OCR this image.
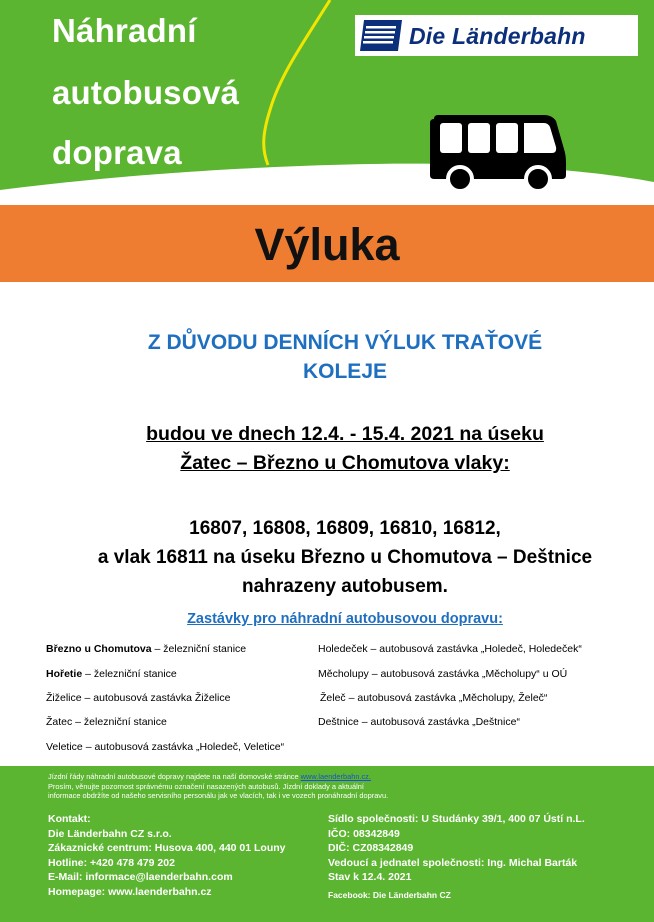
Náhradní
autobusová
doprava
Die Länderbahn
Výluka
Z DŮVODU DENNÍCH VÝLUK TRAŤOVÉ
KOLEJE
budou ve dnech 12.4. - 15.4. 2021 na úseku
Žatec – Březno u Chomutova vlaky:
16807, 16808, 16809, 16810, 16812,
a vlak 16811 na úseku Březno u Chomutova – Deštnice
nahrazeny autobusem.
Zastávky pro náhradní autobusovou dopravu:
Březno u Chomutova – železniční stanice
Hořetie – železniční stanice
Žiželice – autobusová zastávka Žiželice
Žatec – železniční stanice
Veletice – autobusová zastávka „Holedeč, Veletice“
Holedeček – autobusová zastávka „Holedeč, Holedeček“
Měcholupy – autobusová zastávka „Měcholupy“ u OÚ
Želeč – autobusová zastávka „Měcholupy, Želeč“
Deštnice – autobusová zastávka „Deštnice“
Jízdní řády náhradní autobusové dopravy najdete na naší domovské stránce www.laenderbahn.cz.
Prosím, věnujte pozornost správnému označení nasazených autobusů. Jízdní doklady a aktuální
informace obdržíte od našeho servisního personálu jak ve vlacích, tak i ve vozech pronáhradní dopravu.
Kontakt:
Die Länderbahn CZ s.r.o.
Zákaznické centrum: Husova 400, 440 01 Louny
Hotline: +420 478 479 202
E-Mail: informace@laenderbahn.com
Homepage: www.laenderbahn.cz
Sídlo společnosti: U Studánky 39/1, 400 07 Ústí n.L.
IČO: 08342849
DIČ: CZ08342849
Vedoucí a jednatel společnosti: Ing. Michal Barták
Stav k 12.4. 2021
Facebook: Die Länderbahn CZ
